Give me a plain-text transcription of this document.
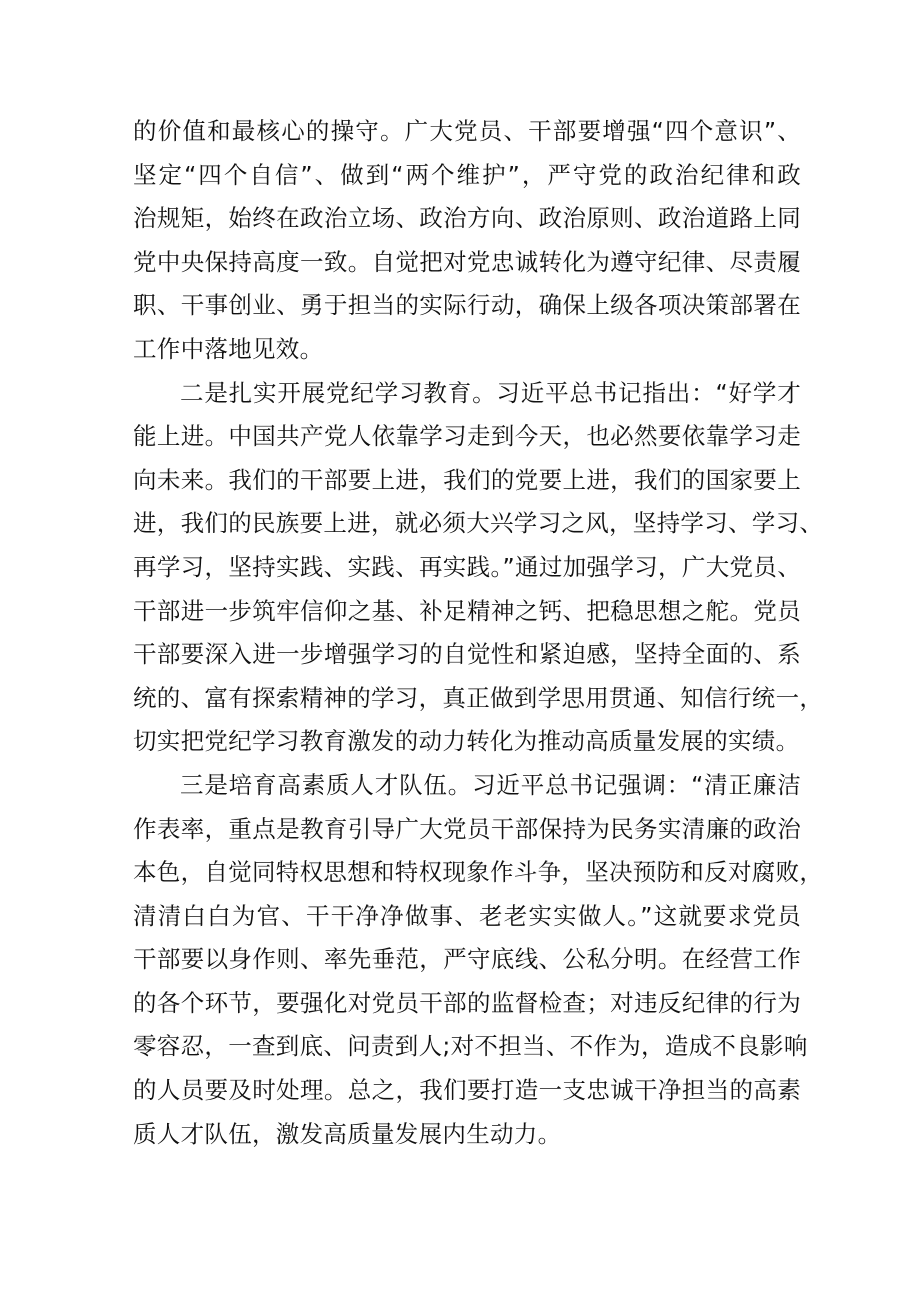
的价值和最核心的操守。广大党员、干部要增强“四个意识”、
坚定“四个自信”、做到“两个维护”，严守党的政治纪律和政
治规矩，始终在政治立场、政治方向、政治原则、政治道路上同
党中央保持高度一致。自觉把对党忠诚转化为遵守纪律、尽责履
职、干事创业、勇于担当的实际行动，确保上级各项决策部署在
工作中落地见效。
二是扎实开展党纪学习教育。习近平总书记指出：“好学才
能上进。中国共产党人依靠学习走到今天，也必然要依靠学习走
向未来。我们的干部要上进，我们的党要上进，我们的国家要上
进，我们的民族要上进，就必须大兴学习之风，坚持学习、学习、
再学习，坚持实践、实践、再实践。”通过加强学习，广大党员、
干部进一步筑牢信仰之基、补足精神之钙、把稳思想之舵。党员
干部要深入进一步增强学习的自觉性和紧迫感，坚持全面的、系
统的、富有探索精神的学习，真正做到学思用贯通、知信行统一，
切实把党纪学习教育激发的动力转化为推动高质量发展的实绩。
三是培育高素质人才队伍。习近平总书记强调：“清正廉洁
作表率，重点是教育引导广大党员干部保持为民务实清廉的政治
本色，自觉同特权思想和特权现象作斗争，坚决预防和反对腐败，
清清白白为官、干干净净做事、老老实实做人。”这就要求党员
干部要以身作则、率先垂范，严守底线、公私分明。在经营工作
的各个环节，要强化对党员干部的监督检查；对违反纪律的行为
零容忍，一查到底、问责到人;对不担当、不作为，造成不良影响
的人员要及时处理。总之，我们要打造一支忠诚干净担当的高素
质人才队伍，激发高质量发展内生动力。
